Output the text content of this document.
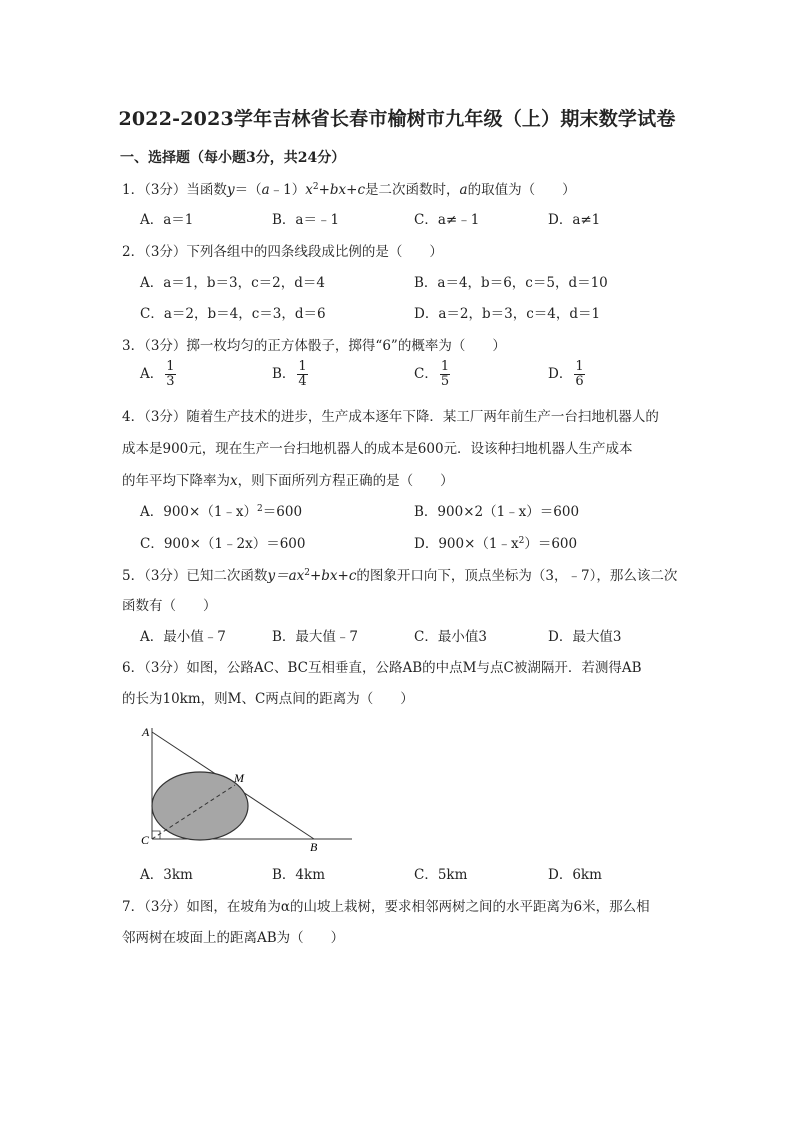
2022-2023学年吉林省长春市榆树市九年级（上）期末数学试卷
一、选择题（每小题3分，共24分）
1．（3分）当函数$y=(a﹣1)x^2+bx+c$是二次函数时，a的取值为（　　）
A．a＝1	B．a＝﹣1	C．a≠﹣1	D．a≠1
2．（3分）下列各组中的四条线段成比例的是（　　）
A．a＝1，b＝3，c＝2，d＝4	B．a＝4，b＝6，c＝5，d＝10
C．a＝2，b＝4，c＝3，d＝6	D．a＝2，b＝3，c＝4，d＝1
3．（3分）掷一枚均匀的正方体骰子，掷得“6”的概率为（　　）
A． $\frac{1}{3}$	B． $\frac{1}{4}$	C． $\frac{1}{5}$	D． $\frac{1}{6}$
4．（3分）随着生产技术的进步，生产成本逐年下降．某工厂两年前生产一台扫地机器人的
成本是900元，现在生产一台扫地机器人的成本是600元．设该种扫地机器人生产成本
的年平均下降率为x，则下面所列方程正确的是（　　）
A．900×（1﹣x）$^2$＝600	B．900×2（1﹣x）＝600
C．900×（1﹣2x）＝600	D．$900\times(1﹣x^2)=600$
5．（3分）已知二次函数$y=ax^2+bx+c$的图象开口向下，顶点坐标为（3，﹣7），那么该二次
函数有（　　）
A．最小值﹣7	B．最大值﹣7	C．最小值3	D．最大值3
6．（3分）如图，公路AC、BC互相垂直，公路AB的中点M与点C被湖隔开．若测得AB
的长为10km，则M、C两点间的距离为（　　）
A
M
C	B
A．3km	B．4km	C．5km	D．6km
7．（3分）如图，在坡角为α的山坡上栽树，要求相邻两树之间的水平距离为6米，那么相
邻两树在坡面上的距离AB为（　　）
